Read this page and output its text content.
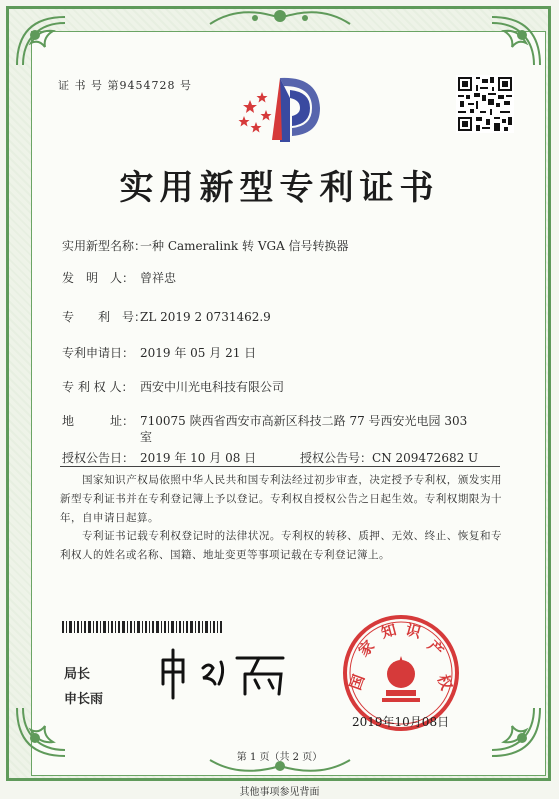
证 书 号 第9454728 号
实用新型专利证书
实用新型名称：一种 Cameralink 转 VGA 信号转换器
发　明　人： 曾祥忠
专　　利　号：ZL 2019 2 0731462.9
专利申请日： 2019 年 05 月 21 日
专 利 权 人： 西安中川光电科技有限公司
地　　　址： 710075 陕西省西安市高新区科技二路 77 号西安光电园 303
室
授权公告日： 2019 年 10 月 08 日	授权公告号：CN 209472682 U
国家知识产权局依照中华人民共和国专利法经过初步审查，决定授予专利权，颁发实用新型专利证书并在专利登记簿上予以登记。专利权自授权公告之日起生效。专利权期限为十年，自申请日起算。
专利证书记载专利权登记时的法律状况。专利权的转移、质押、无效、终止、恢复和专利权人的姓名或名称、国籍、地址变更等事项记载在专利登记簿上。
局长
申长雨
国
家
知 识
产
权
2019年10月08日
第 1 页（共 2 页）
其他事项参见背面
